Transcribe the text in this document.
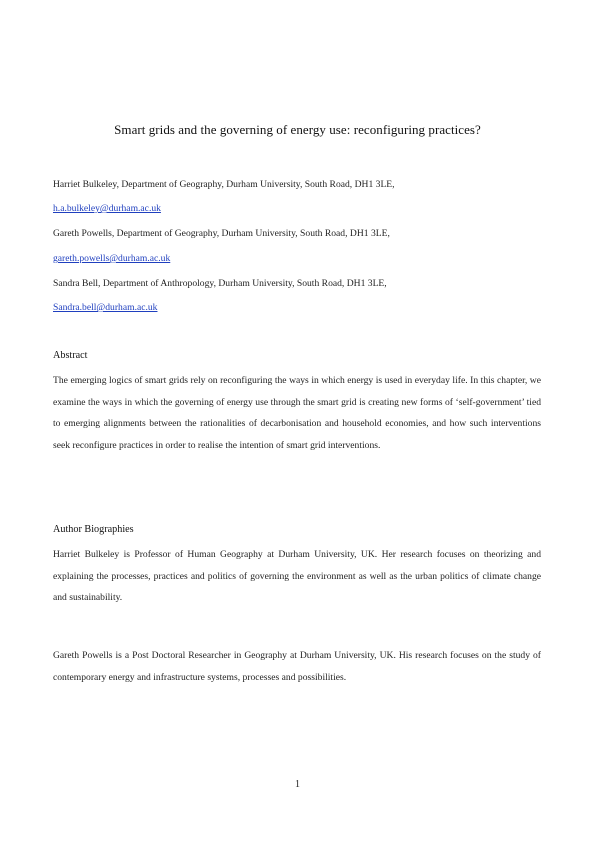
Smart grids and the governing of energy use: reconfiguring practices?
Harriet Bulkeley, Department of Geography, Durham University, South Road, DH1 3LE,
h.a.bulkeley@durham.ac.uk
Gareth Powells, Department of Geography, Durham University, South Road, DH1 3LE,
gareth.powells@durham.ac.uk
Sandra Bell, Department of Anthropology, Durham University, South Road, DH1 3LE,
Sandra.bell@durham.ac.uk
Abstract
The emerging logics of smart grids rely on reconfiguring the ways in which energy is used in everyday life. In this chapter, we examine the ways in which the governing of energy use through the smart grid is creating new forms of ‘self-government’ tied to emerging alignments between the rationalities of decarbonisation and household economies, and how such interventions seek reconfigure practices in order to realise the intention of smart grid interventions.
Author Biographies
Harriet Bulkeley is Professor of Human Geography at Durham University, UK. Her research focuses on theorizing and explaining the processes, practices and politics of governing the environment as well as the urban politics of climate change and sustainability.
Gareth Powells is a Post Doctoral Researcher in Geography at Durham University, UK. His research focuses on the study of contemporary energy and infrastructure systems, processes and possibilities.
1
